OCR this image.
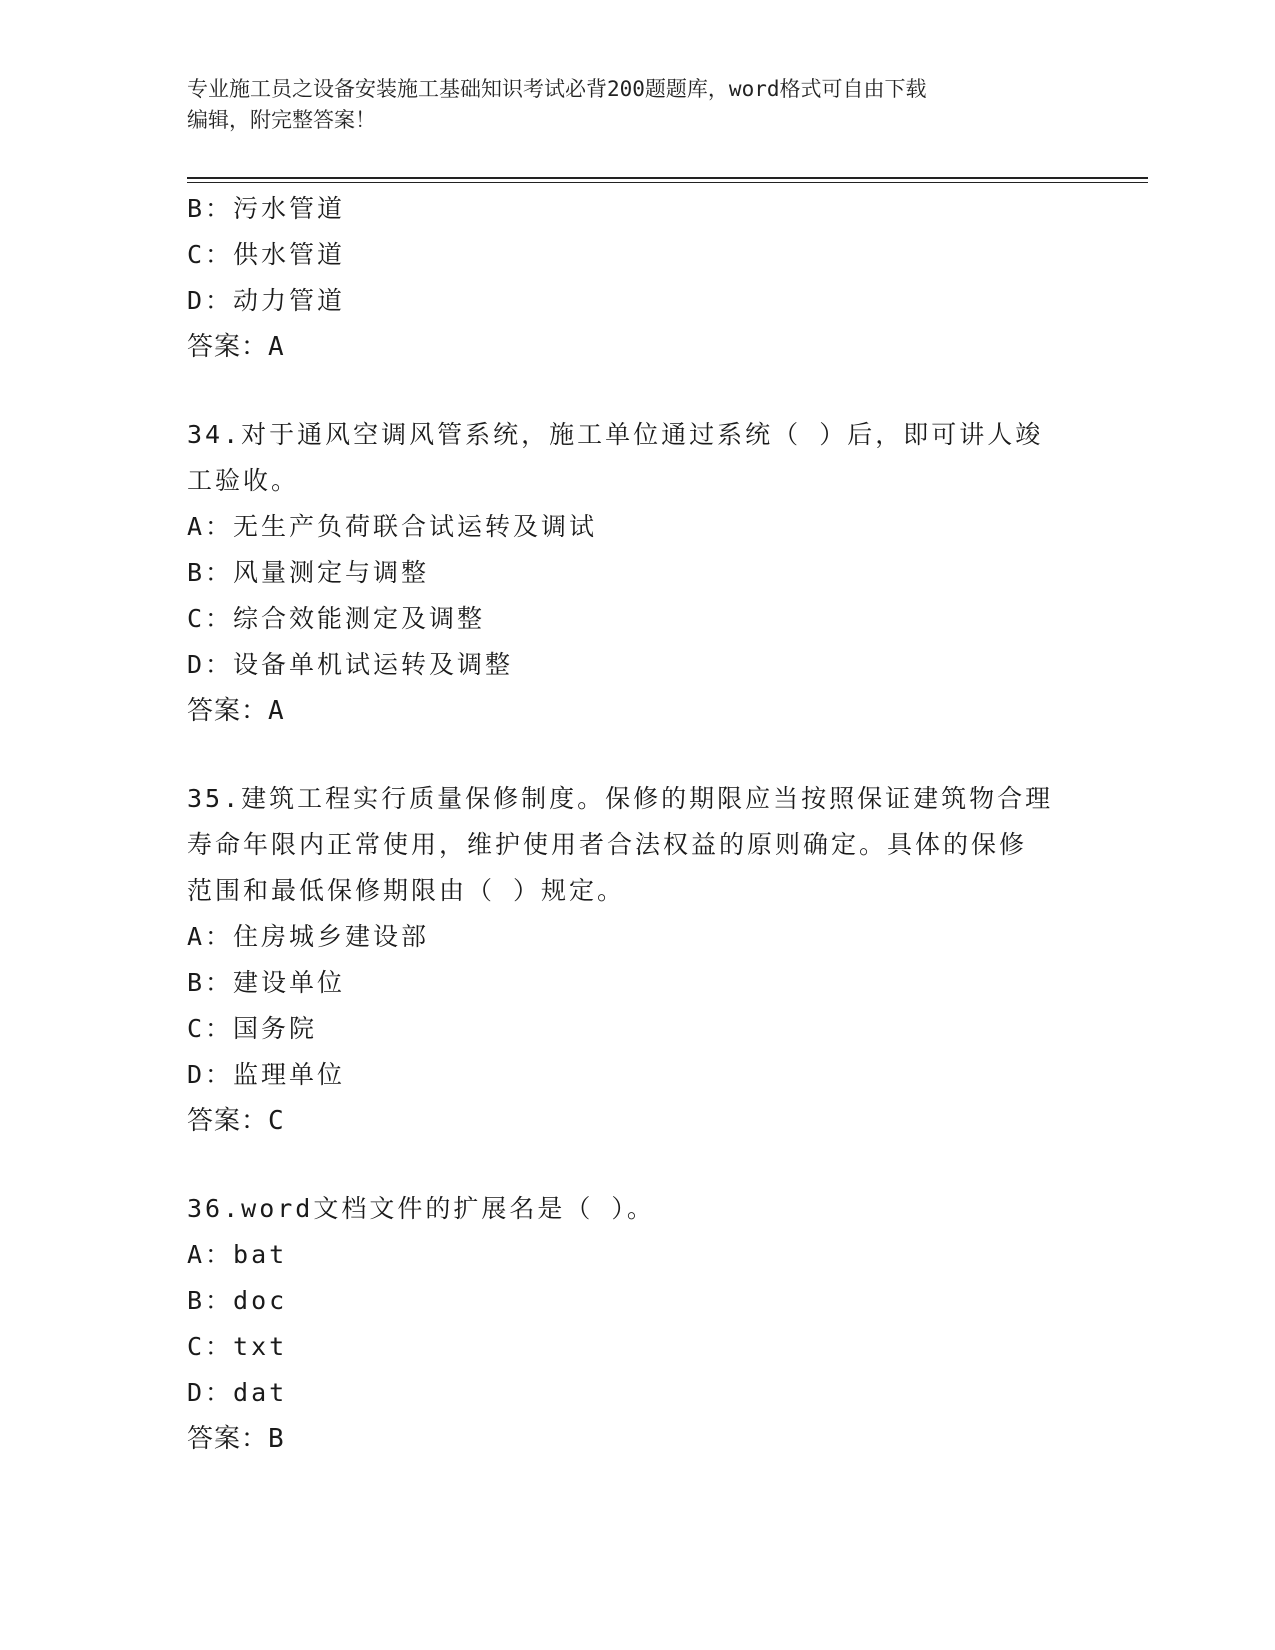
专业施工员之设备安装施工基础知识考试必背200题题库，word格式可自由下载
编辑，附完整答案！
B：污水管道
C：供水管道
D：动力管道
答案：A
34.对于通风空调风管系统，施工单位通过系统（ ）后，即可讲人竣
工验收。
A：无生产负荷联合试运转及调试
B：风量测定与调整
C：综合效能测定及调整
D：设备单机试运转及调整
答案：A
35.建筑工程实行质量保修制度。保修的期限应当按照保证建筑物合理
寿命年限内正常使用，维护使用者合法权益的原则确定。具体的保修
范围和最低保修期限由（ ）规定。
A：住房城乡建设部
B：建设单位
C：国务院
D：监理单位
答案：C
36.word文档文件的扩展名是（ ）。
A：bat
B：doc
C：txt
D：dat
答案：B
